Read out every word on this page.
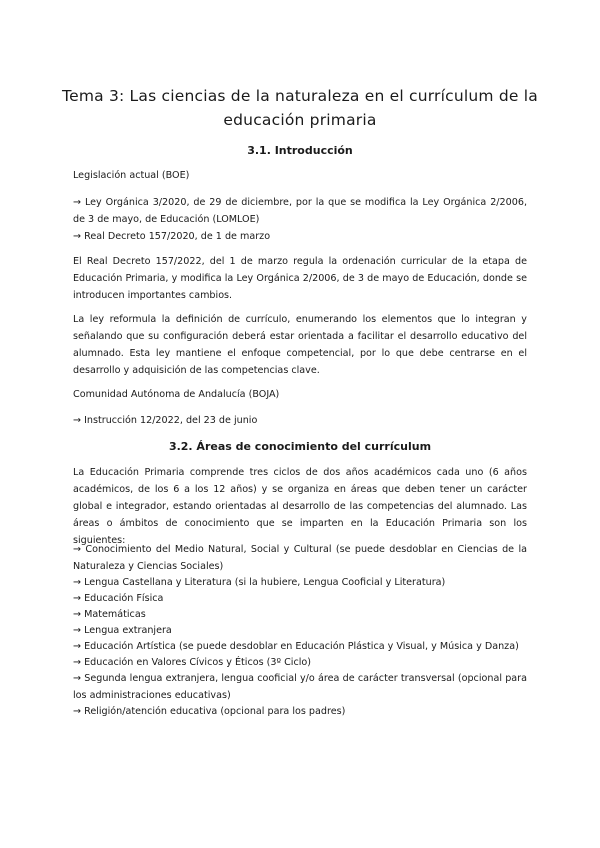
Tema 3: Las ciencias de la naturaleza en el currículum de la
educación primaria
3.1. Introducción

Legislación actual (BOE)

→ Ley Orgánica 3/2020, de 29 de diciembre, por la que se modifica la Ley Orgánica 2/2006, de 3 de mayo, de Educación (LOMLOE)

→ Real Decreto 157/2020, de 1 de marzo

El Real Decreto 157/2022, del 1 de marzo regula la ordenación curricular de la etapa de Educación Primaria, y modifica la Ley Orgánica 2/2006, de 3 de mayo de Educación, donde se introducen importantes cambios.

La ley reformula la definición de currículo, enumerando los elementos que lo integran y señalando que su configuración deberá estar orientada a facilitar el desarrollo educativo del alumnado. Esta ley mantiene el enfoque competencial, por lo que debe centrarse en el desarrollo y adquisición de las competencias clave.

Comunidad Autónoma de Andalucía (BOJA)

→ Instrucción 12/2022, del 23 de junio

3.2. Áreas de conocimiento del currículum

La Educación Primaria comprende tres ciclos de dos años académicos cada uno (6 años académicos, de los 6 a los 12 años) y se organiza en áreas que deben tener un carácter global e integrador, estando orientadas al desarrollo de las competencias del alumnado. Las áreas o ámbitos de conocimiento que se imparten en la Educación Primaria son los siguientes:

→ Conocimiento del Medio Natural, Social y Cultural (se puede desdoblar en Ciencias de la Naturaleza y Ciencias Sociales)

→ Lengua Castellana y Literatura (si la hubiere, Lengua Cooficial y Literatura)

→ Educación Física

→ Matemáticas

→ Lengua extranjera

→ Educación Artística (se puede desdoblar en Educación Plástica y Visual, y Música y Danza)

→ Educación en Valores Cívicos y Éticos (3º Ciclo)

→ Segunda lengua extranjera, lengua cooficial y/o área de carácter transversal (opcional para los administraciones educativas)

→ Religión/atención educativa (opcional para los padres)
